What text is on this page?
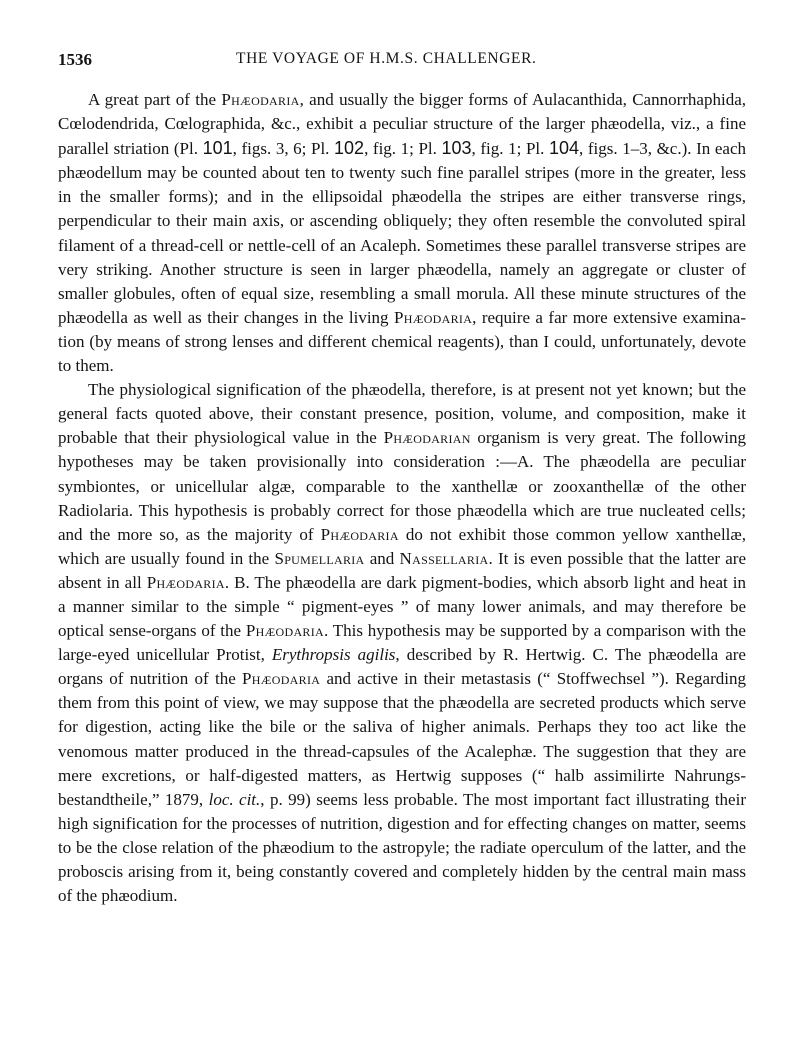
1536	THE VOYAGE OF H.M.S. CHALLENGER.

A great part of the Phæodaria, and usually the bigger forms of Aulacanthida, Cannorrhaphida, Cœlodendrida, Cœlographida, &c., exhibit a peculiar structure of the larger phæodella, viz., a fine parallel striation (Pl. 101, figs. 3, 6; Pl. 102, fig. 1; Pl. 103, fig. 1; Pl. 104, figs. 1–3, &c.). In each phæodellum may be counted about ten to twenty such fine parallel stripes (more in the greater, less in the smaller forms); and in the ellipsoidal phæodella the stripes are either transverse rings, perpendicular to their main axis, or ascending obliquely; they often resemble the convoluted spiral filament of a thread-cell or nettle-cell of an Acaleph. Sometimes these parallel transverse stripes are very striking. Another structure is seen in larger phæodella, namely an aggregate or cluster of smaller globules, often of equal size, resembling a small morula. All these minute structures of the phæodella as well as their changes in the living Phæodaria, require a far more extensive examination (by means of strong lenses and different chemical reagents), than I could, unfortunately, devote to them.

The physiological signification of the phæodella, therefore, is at present not yet known; but the general facts quoted above, their constant presence, position, volume, and composition, make it probable that their physiological value in the Phæodarian organism is very great. The following hypotheses may be taken provisionally into consideration :—A. The phæodella are peculiar symbiontes, or unicellular algæ, comparable to the xanthellæ or zooxanthellæ of the other Radiolaria. This hypothesis is probably correct for those phæodella which are true nucleated cells; and the more so, as the majority of Phæodaria do not exhibit those common yellow xanthellæ, which are usually found in the Spumellaria and Nassellaria. It is even possible that the latter are absent in all Phæodaria. B. The phæodella are dark pigment-bodies, which absorb light and heat in a manner similar to the simple “ pigment-eyes ” of many lower animals, and may therefore be optical sense-organs of the Phæodaria. This hypothesis may be supported by a comparison with the large-eyed unicellular Protist, Erythropsis agilis, described by R. Hertwig. C. The phæodella are organs of nutrition of the Phæodaria and active in their metastasis (“ Stoffwechsel ”). Regarding them from this point of view, we may suppose that the phæodella are secreted products which serve for digestion, acting like the bile or the saliva of higher animals. Perhaps they too act like the venomous matter produced in the thread-capsules of the Acalephæ. The suggestion that they are mere excretions, or half-digested matters, as Hertwig supposes (“ halb assimilirte Nahrungs-bestandtheile,” 1879, loc. cit., p. 99) seems less probable. The most important fact illustrating their high signification for the processes of nutrition, digestion and for effecting changes on matter, seems to be the close relation of the phæodium to the astropyle; the radiate operculum of the latter, and the proboscis arising from it, being constantly covered and completely hidden by the central main mass of the phæodium.
